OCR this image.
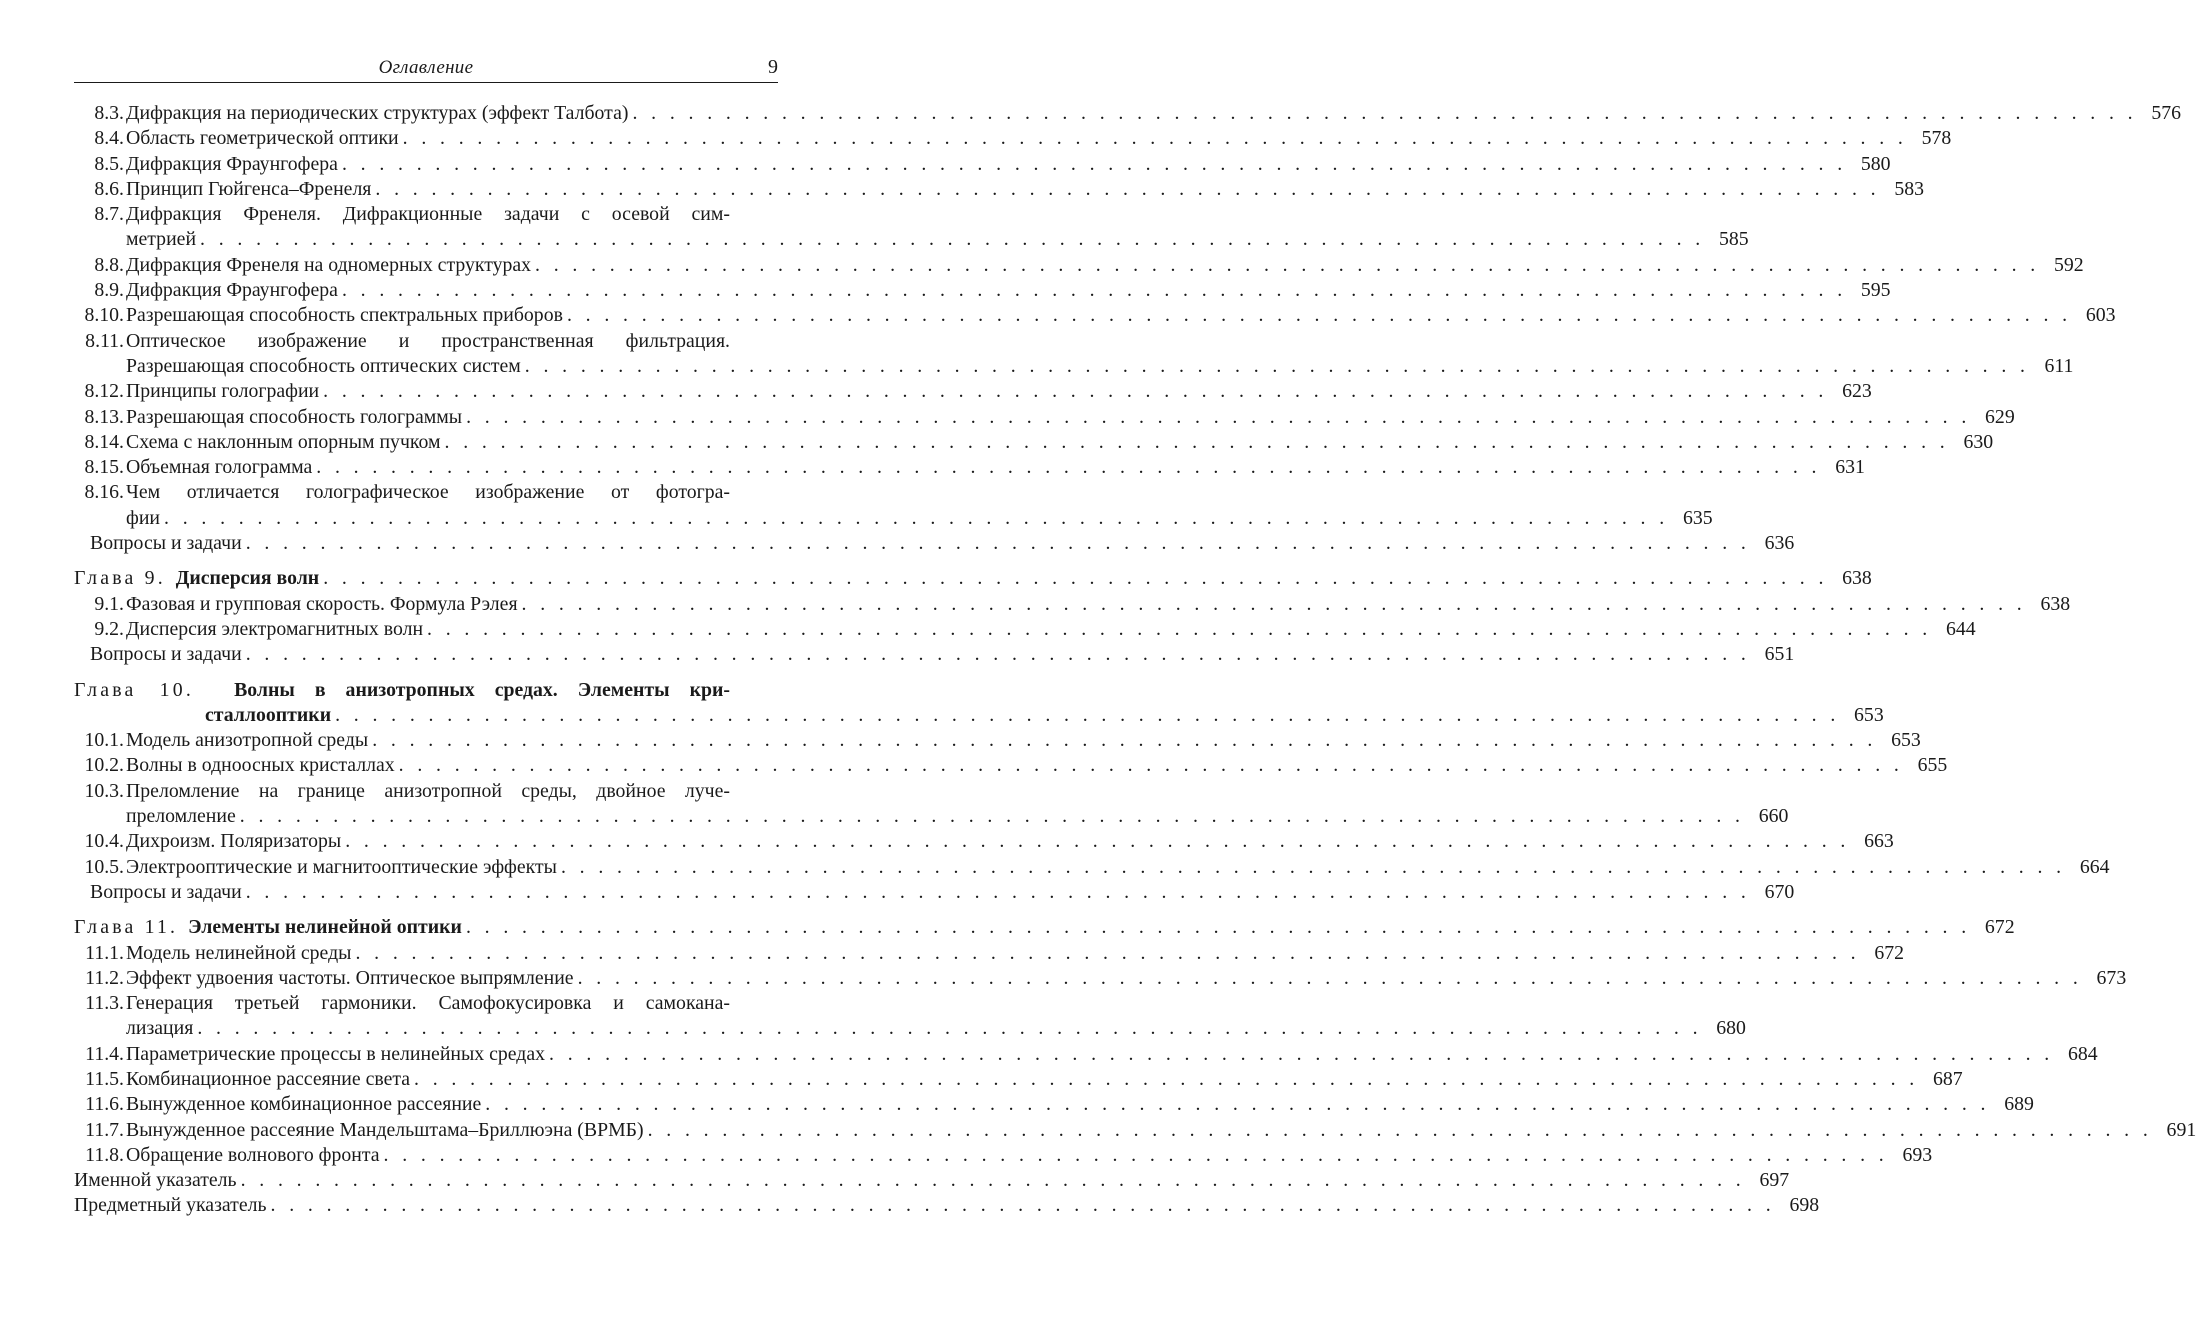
Оглавление	9
8.3. Дифракция на периодических структурах (эффект Талбота) . . . . . . . . . . . . . . . . . . . . . . . . . . . . . . . . . . . . . . . . . . . . . . . . . . . . . . . . . . . . . . . . . . . . . . . . . . . . . . . . . 576
8.4. Область геометрической оптики . . . . . . . . . . . . . . . . . . . . . . . . . . . . . . . . . . . . . . . . . . . . . . . . . . . . . . . . . . . . . . . . . . . . . . . . . . . . . . . . . 578
8.5. Дифракция Фраунгофера . . . . . . . . . . . . . . . . . . . . . . . . . . . . . . . . . . . . . . . . . . . . . . . . . . . . . . . . . . . . . . . . . . . . . . . . . . . . . . . . . 580
8.6. Принцип Гюйгенса–Френеля . . . . . . . . . . . . . . . . . . . . . . . . . . . . . . . . . . . . . . . . . . . . . . . . . . . . . . . . . . . . . . . . . . . . . . . . . . . . . . . . . 583
8.7. Дифракция Френеля. Дифракционные задачи с осевой сим-
метрией . . . . . . . . . . . . . . . . . . . . . . . . . . . . . . . . . . . . . . . . . . . . . . . . . . . . . . . . . . . . . . . . . . . . . . . . . . . . . . . . . 585
8.8. Дифракция Френеля на одномерных структурах . . . . . . . . . . . . . . . . . . . . . . . . . . . . . . . . . . . . . . . . . . . . . . . . . . . . . . . . . . . . . . . . . . . . . . . . . . . . . . . . . 592
8.9. Дифракция Фраунгофера . . . . . . . . . . . . . . . . . . . . . . . . . . . . . . . . . . . . . . . . . . . . . . . . . . . . . . . . . . . . . . . . . . . . . . . . . . . . . . . . . 595
8.10. Разрешающая способность спектральных приборов . . . . . . . . . . . . . . . . . . . . . . . . . . . . . . . . . . . . . . . . . . . . . . . . . . . . . . . . . . . . . . . . . . . . . . . . . . . . . . . . . 603
8.11. Оптическое изображение и пространственная фильтрация.
Разрешающая способность оптических систем . . . . . . . . . . . . . . . . . . . . . . . . . . . . . . . . . . . . . . . . . . . . . . . . . . . . . . . . . . . . . . . . . . . . . . . . . . . . . . . . . 611
8.12. Принципы голографии . . . . . . . . . . . . . . . . . . . . . . . . . . . . . . . . . . . . . . . . . . . . . . . . . . . . . . . . . . . . . . . . . . . . . . . . . . . . . . . . . 623
8.13. Разрешающая способность голограммы . . . . . . . . . . . . . . . . . . . . . . . . . . . . . . . . . . . . . . . . . . . . . . . . . . . . . . . . . . . . . . . . . . . . . . . . . . . . . . . . . 629
8.14. Схема с наклонным опорным пучком . . . . . . . . . . . . . . . . . . . . . . . . . . . . . . . . . . . . . . . . . . . . . . . . . . . . . . . . . . . . . . . . . . . . . . . . . . . . . . . . . 630
8.15. Объемная голограмма . . . . . . . . . . . . . . . . . . . . . . . . . . . . . . . . . . . . . . . . . . . . . . . . . . . . . . . . . . . . . . . . . . . . . . . . . . . . . . . . . 631
8.16. Чем отличается голографическое изображение от фотогра-
фии . . . . . . . . . . . . . . . . . . . . . . . . . . . . . . . . . . . . . . . . . . . . . . . . . . . . . . . . . . . . . . . . . . . . . . . . . . . . . . . . . 635
Вопросы и задачи . . . . . . . . . . . . . . . . . . . . . . . . . . . . . . . . . . . . . . . . . . . . . . . . . . . . . . . . . . . . . . . . . . . . . . . . . . . . . . . . . 636
Глава 9. Дисперсия волн . . . . . . . . . . . . . . . . . . . . . . . . . . . . . . . . . . . . . . . . . . . . . . . . . . . . . . . . . . . . . . . . . . . . . . . . . . . . . . . . . 638
9.1. Фазовая и групповая скорость. Формула Рэлея . . . . . . . . . . . . . . . . . . . . . . . . . . . . . . . . . . . . . . . . . . . . . . . . . . . . . . . . . . . . . . . . . . . . . . . . . . . . . . . . . 638
9.2. Дисперсия электромагнитных волн . . . . . . . . . . . . . . . . . . . . . . . . . . . . . . . . . . . . . . . . . . . . . . . . . . . . . . . . . . . . . . . . . . . . . . . . . . . . . . . . . 644
Вопросы и задачи . . . . . . . . . . . . . . . . . . . . . . . . . . . . . . . . . . . . . . . . . . . . . . . . . . . . . . . . . . . . . . . . . . . . . . . . . . . . . . . . . 651
Глава 10. Волны в анизотропных средах. Элементы кри-
сталлооптики . . . . . . . . . . . . . . . . . . . . . . . . . . . . . . . . . . . . . . . . . . . . . . . . . . . . . . . . . . . . . . . . . . . . . . . . . . . . . . . . . 653
10.1. Модель анизотропной среды . . . . . . . . . . . . . . . . . . . . . . . . . . . . . . . . . . . . . . . . . . . . . . . . . . . . . . . . . . . . . . . . . . . . . . . . . . . . . . . . . 653
10.2. Волны в одноосных кристаллах . . . . . . . . . . . . . . . . . . . . . . . . . . . . . . . . . . . . . . . . . . . . . . . . . . . . . . . . . . . . . . . . . . . . . . . . . . . . . . . . . 655
10.3. Преломление на границе анизотропной среды, двойное луче-
преломление . . . . . . . . . . . . . . . . . . . . . . . . . . . . . . . . . . . . . . . . . . . . . . . . . . . . . . . . . . . . . . . . . . . . . . . . . . . . . . . . . 660
10.4. Дихроизм. Поляризаторы . . . . . . . . . . . . . . . . . . . . . . . . . . . . . . . . . . . . . . . . . . . . . . . . . . . . . . . . . . . . . . . . . . . . . . . . . . . . . . . . . 663
10.5. Электрооптические и магнитооптические эффекты . . . . . . . . . . . . . . . . . . . . . . . . . . . . . . . . . . . . . . . . . . . . . . . . . . . . . . . . . . . . . . . . . . . . . . . . . . . . . . . . . 664
Вопросы и задачи . . . . . . . . . . . . . . . . . . . . . . . . . . . . . . . . . . . . . . . . . . . . . . . . . . . . . . . . . . . . . . . . . . . . . . . . . . . . . . . . . 670
Глава 11. Элементы нелинейной оптики . . . . . . . . . . . . . . . . . . . . . . . . . . . . . . . . . . . . . . . . . . . . . . . . . . . . . . . . . . . . . . . . . . . . . . . . . . . . . . . . . 672
11.1. Модель нелинейной среды . . . . . . . . . . . . . . . . . . . . . . . . . . . . . . . . . . . . . . . . . . . . . . . . . . . . . . . . . . . . . . . . . . . . . . . . . . . . . . . . . 672
11.2. Эффект удвоения частоты. Оптическое выпрямление . . . . . . . . . . . . . . . . . . . . . . . . . . . . . . . . . . . . . . . . . . . . . . . . . . . . . . . . . . . . . . . . . . . . . . . . . . . . . . . . . 673
11.3. Генерация третьей гармоники. Самофокусировка и самокана-
лизация . . . . . . . . . . . . . . . . . . . . . . . . . . . . . . . . . . . . . . . . . . . . . . . . . . . . . . . . . . . . . . . . . . . . . . . . . . . . . . . . . 680
11.4. Параметрические процессы в нелинейных средах . . . . . . . . . . . . . . . . . . . . . . . . . . . . . . . . . . . . . . . . . . . . . . . . . . . . . . . . . . . . . . . . . . . . . . . . . . . . . . . . . 684
11.5. Комбинационное рассеяние света . . . . . . . . . . . . . . . . . . . . . . . . . . . . . . . . . . . . . . . . . . . . . . . . . . . . . . . . . . . . . . . . . . . . . . . . . . . . . . . . . 687
11.6. Вынужденное комбинационное рассеяние . . . . . . . . . . . . . . . . . . . . . . . . . . . . . . . . . . . . . . . . . . . . . . . . . . . . . . . . . . . . . . . . . . . . . . . . . . . . . . . . . 689
11.7. Вынужденное рассеяние Мандельштама–Бриллюэна (ВРМБ) . . . . . . . . . . . . . . . . . . . . . . . . . . . . . . . . . . . . . . . . . . . . . . . . . . . . . . . . . . . . . . . . . . . . . . . . . . . . . . . . . 691
11.8. Обращение волнового фронта . . . . . . . . . . . . . . . . . . . . . . . . . . . . . . . . . . . . . . . . . . . . . . . . . . . . . . . . . . . . . . . . . . . . . . . . . . . . . . . . . 693
Именной указатель . . . . . . . . . . . . . . . . . . . . . . . . . . . . . . . . . . . . . . . . . . . . . . . . . . . . . . . . . . . . . . . . . . . . . . . . . . . . . . . . . 697
Предметный указатель . . . . . . . . . . . . . . . . . . . . . . . . . . . . . . . . . . . . . . . . . . . . . . . . . . . . . . . . . . . . . . . . . . . . . . . . . . . . . . . . . 698
